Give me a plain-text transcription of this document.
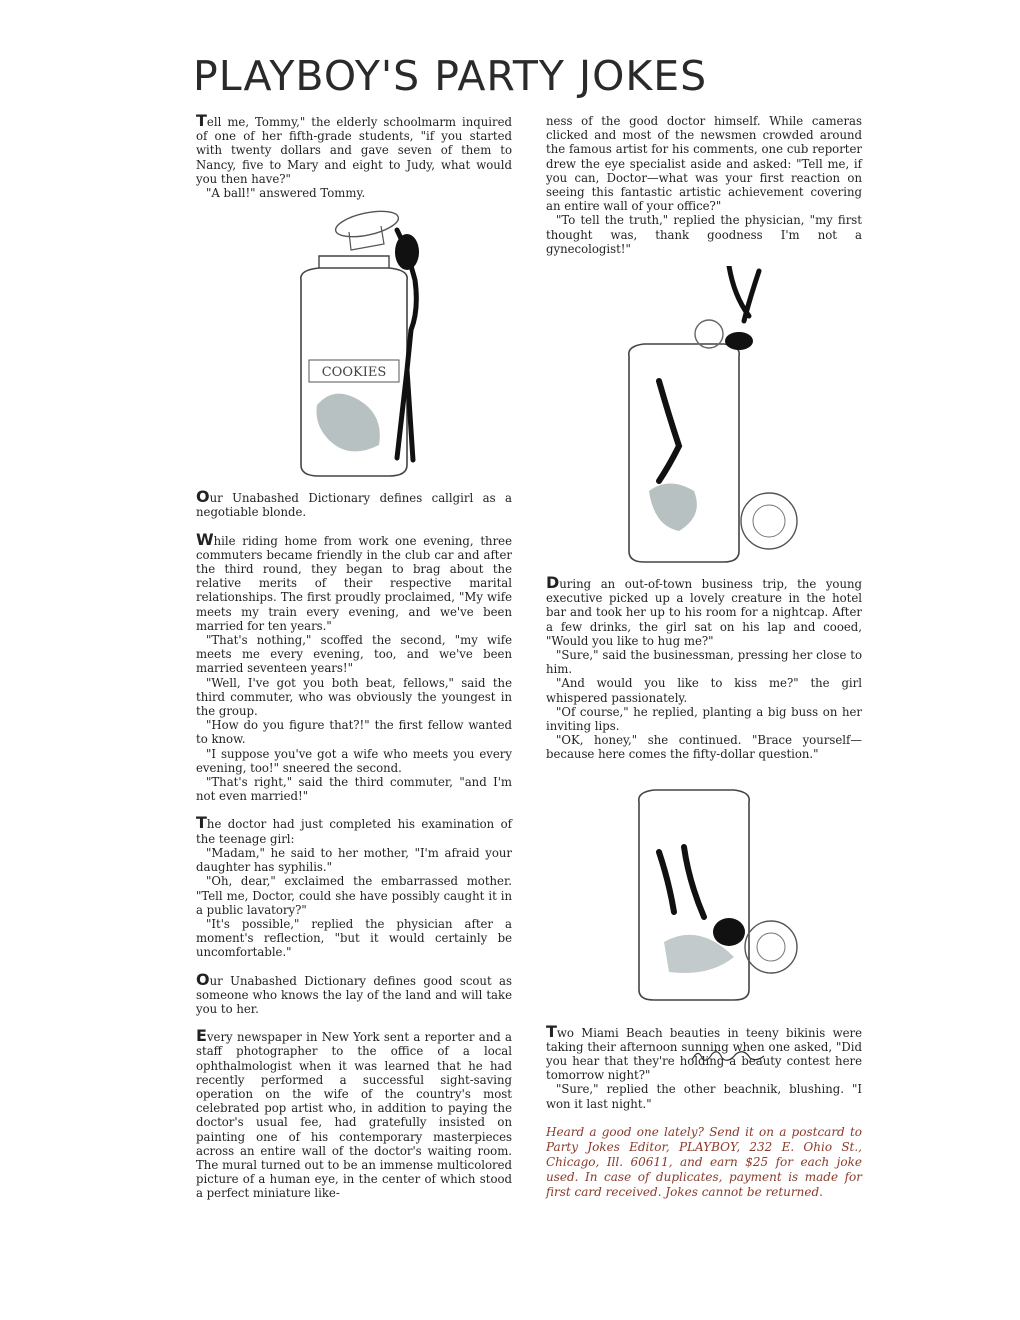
PLAYBOY'S PARTY JOKES

Tell me, Tommy," the elderly schoolmarm inquired of one of her fifth-grade students, "if you started with twenty dollars and gave seven of them to Nancy, five to Mary and eight to Judy, what would you then have?"

"A ball!" answered Tommy.

COOKIES

Our Unabashed Dictionary defines callgirl as a negotiable blonde.

While riding home from work one evening, three commuters became friendly in the club car and after the third round, they began to brag about the relative merits of their respective marital relationships. The first proudly proclaimed, "My wife meets my train every evening, and we've been married for ten years."

"That's nothing," scoffed the second, "my wife meets me every evening, too, and we've been married seventeen years!"

"Well, I've got you both beat, fellows," said the third commuter, who was obviously the youngest in the group.

"How do you figure that?!" the first fellow wanted to know.

"I suppose you've got a wife who meets you every evening, too!" sneered the second.

"That's right," said the third commuter, "and I'm not even married!"

The doctor had just completed his examination of the teenage girl:

"Madam," he said to her mother, "I'm afraid your daughter has syphilis."

"Oh, dear," exclaimed the embarrassed mother. "Tell me, Doctor, could she have possibly caught it in a public lavatory?"

"It's possible," replied the physician after a moment's reflection, "but it would certainly be uncomfortable."

Our Unabashed Dictionary defines good scout as someone who knows the lay of the land and will take you to her.

Every newspaper in New York sent a reporter and a staff photographer to the office of a local ophthalmologist when it was learned that he had recently performed a successful sight-saving operation on the wife of the country's most celebrated pop artist who, in addition to paying the doctor's usual fee, had gratefully insisted on painting one of his contemporary masterpieces across an entire wall of the doctor's waiting room. The mural turned out to be an immense multicolored picture of a human eye, in the center of which stood a perfect miniature like-

ness of the good doctor himself. While cameras clicked and most of the newsmen crowded around the famous artist for his comments, one cub reporter drew the eye specialist aside and asked: "Tell me, if you can, Doctor—what was your first reaction on seeing this fantastic artistic achievement covering an entire wall of your office?"

"To tell the truth," replied the physician, "my first thought was, thank goodness I'm not a gynecologist!"

During an out-of-town business trip, the young executive picked up a lovely creature in the hotel bar and took her up to his room for a nightcap. After a few drinks, the girl sat on his lap and cooed, "Would you like to hug me?"

"Sure," said the businessman, pressing her close to him.

"And would you like to kiss me?" the girl whispered passionately.

"Of course," he replied, planting a big buss on her inviting lips.

"OK, honey," she continued. "Brace yourself—because here comes the fifty-dollar question."

Two Miami Beach beauties in teeny bikinis were taking their afternoon sunning when one asked, "Did you hear that they're holding a beauty contest here tomorrow night?"

"Sure," replied the other beachnik, blushing. "I won it last night."

Heard a good one lately? Send it on a postcard to Party Jokes Editor, PLAYBOY, 232 E. Ohio St., Chicago, Ill. 60611, and earn $25 for each joke used. In case of duplicates, payment is made for first card received. Jokes cannot be returned.
